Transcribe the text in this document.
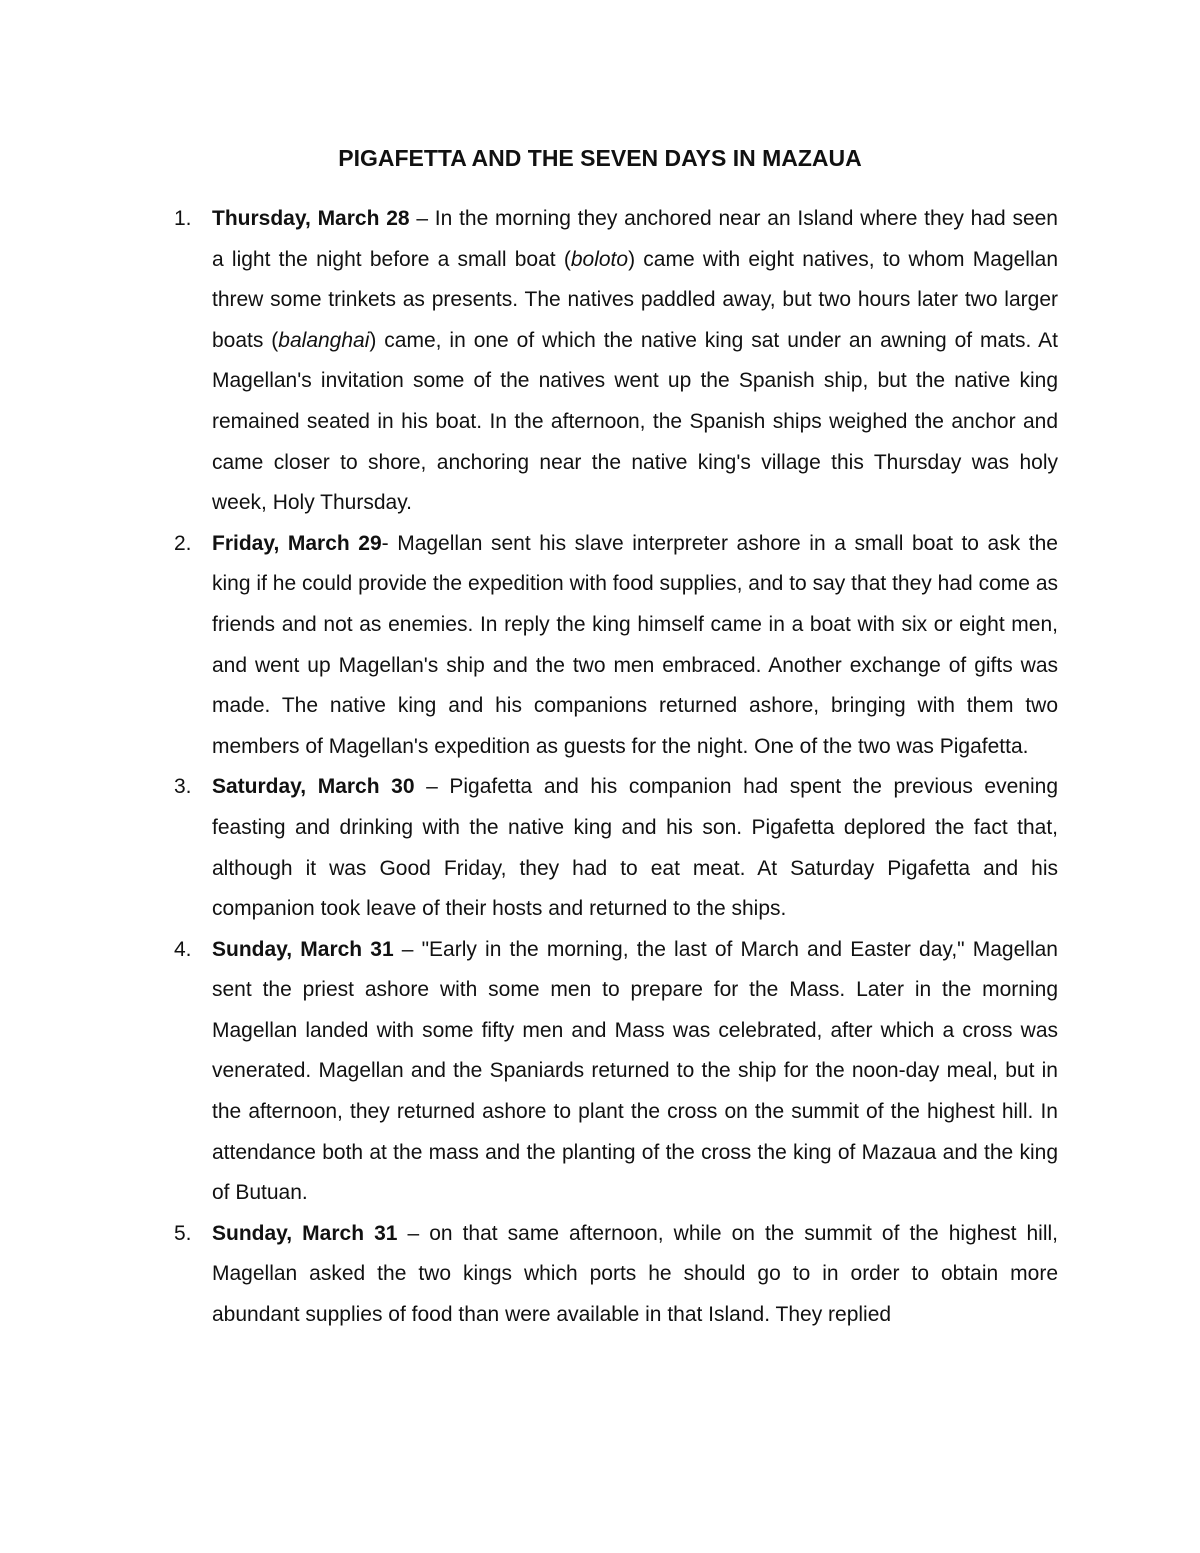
PIGAFETTA AND THE SEVEN DAYS IN MAZAUA
1. Thursday, March 28 – In the morning they anchored near an Island where they had seen a light the night before a small boat (boloto) came with eight natives, to whom Magellan threw some trinkets as presents. The natives paddled away, but two hours later two larger boats (balanghai) came, in one of which the native king sat under an awning of mats. At Magellan's invitation some of the natives went up the Spanish ship, but the native king remained seated in his boat. In the afternoon, the Spanish ships weighed the anchor and came closer to shore, anchoring near the native king's village this Thursday was holy week, Holy Thursday.
2. Friday, March 29- Magellan sent his slave interpreter ashore in a small boat to ask the king if he could provide the expedition with food supplies, and to say that they had come as friends and not as enemies. In reply the king himself came in a boat with six or eight men, and went up Magellan's ship and the two men embraced. Another exchange of gifts was made. The native king and his companions returned ashore, bringing with them two members of Magellan's expedition as guests for the night. One of the two was Pigafetta.
3. Saturday, March 30 – Pigafetta and his companion had spent the previous evening feasting and drinking with the native king and his son. Pigafetta deplored the fact that, although it was Good Friday, they had to eat meat. At Saturday Pigafetta and his companion took leave of their hosts and returned to the ships.
4. Sunday, March 31 – "Early in the morning, the last of March and Easter day," Magellan sent the priest ashore with some men to prepare for the Mass. Later in the morning Magellan landed with some fifty men and Mass was celebrated, after which a cross was venerated. Magellan and the Spaniards returned to the ship for the noon-day meal, but in the afternoon, they returned ashore to plant the cross on the summit of the highest hill. In attendance both at the mass and the planting of the cross the king of Mazaua and the king of Butuan.
5. Sunday, March 31 – on that same afternoon, while on the summit of the highest hill, Magellan asked the two kings which ports he should go to in order to obtain more abundant supplies of food than were available in that Island. They replied
